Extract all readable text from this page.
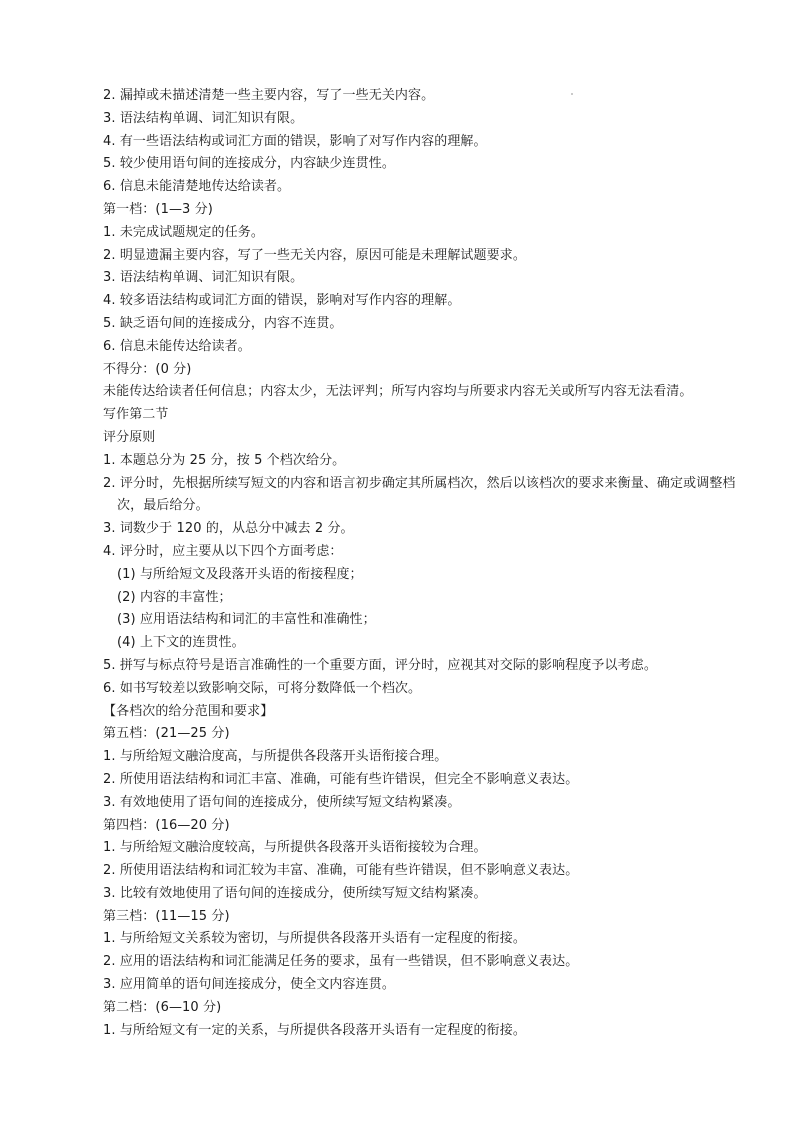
2. 漏掉或未描述清楚一些主要内容，写了一些无关内容。
3. 语法结构单调、词汇知识有限。
4. 有一些语法结构或词汇方面的错误，影响了对写作内容的理解。
5. 较少使用语句间的连接成分，内容缺少连贯性。
6. 信息未能清楚地传达给读者。
第一档：(1—3 分)
1. 未完成试题规定的任务。
2. 明显遗漏主要内容，写了一些无关内容，原因可能是未理解试题要求。
3. 语法结构单调、词汇知识有限。
4. 较多语法结构或词汇方面的错误，影响对写作内容的理解。
5. 缺乏语句间的连接成分，内容不连贯。
6. 信息未能传达给读者。
不得分：(0 分)
未能传达给读者任何信息；内容太少，无法评判；所写内容均与所要求内容无关或所写内容无法看清。
写作第二节
评分原则
1. 本题总分为 25 分，按 5 个档次给分。
2. 评分时，先根据所续写短文的内容和语言初步确定其所属档次，然后以该档次的要求来衡量、确定或调整档次，最后给分。
3. 词数少于 120 的，从总分中减去 2 分。
4. 评分时，应主要从以下四个方面考虑：
(1) 与所给短文及段落开头语的衔接程度；
(2) 内容的丰富性；
(3) 应用语法结构和词汇的丰富性和准确性；
(4) 上下文的连贯性。
5. 拼写与标点符号是语言准确性的一个重要方面，评分时，应视其对交际的影响程度予以考虑。
6. 如书写较差以致影响交际，可将分数降低一个档次。
【各档次的给分范围和要求】
第五档：(21—25 分)
1. 与所给短文融洽度高，与所提供各段落开头语衔接合理。
2. 所使用语法结构和词汇丰富、准确，可能有些许错误，但完全不影响意义表达。
3. 有效地使用了语句间的连接成分，使所续写短文结构紧凑。
第四档：(16—20 分)
1. 与所给短文融洽度较高，与所提供各段落开头语衔接较为合理。
2. 所使用语法结构和词汇较为丰富、准确，可能有些许错误，但不影响意义表达。
3. 比较有效地使用了语句间的连接成分，使所续写短文结构紧凑。
第三档：(11—15 分)
1. 与所给短文关系较为密切，与所提供各段落开头语有一定程度的衔接。
2. 应用的语法结构和词汇能满足任务的要求，虽有一些错误，但不影响意义表达。
3. 应用简单的语句间连接成分，使全文内容连贯。
第二档：(6—10 分)
1. 与所给短文有一定的关系，与所提供各段落开头语有一定程度的衔接。
